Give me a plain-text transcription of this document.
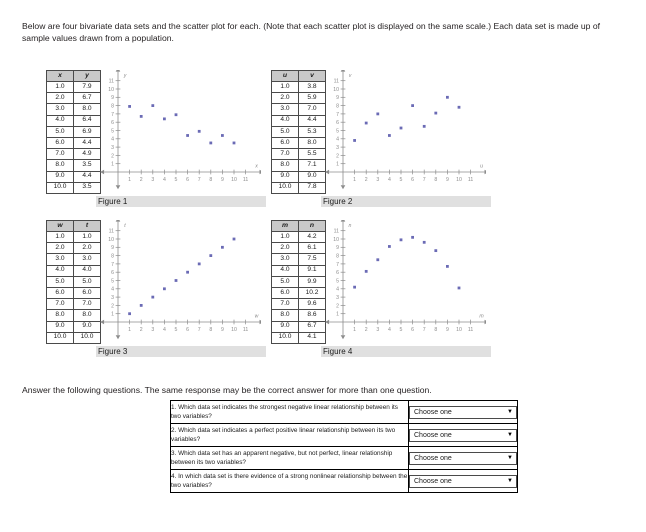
Below are four bivariate data sets and the scatter plot for each. (Note that each scatter plot is displayed on the same scale.) Each data set is made up of sample values drawn from a population.
x	y
1.0	7.9
2.0	6.7
3.0	8.0
4.0	6.4
5.0	6.9
6.0	4.4
7.0	4.9
8.0	3.5
9.0	4.4
10.0	3.5
1 2 3 4 5 6 7 8 9 10 11
1
2
3
4
5
6
7
8
9
10
11
x
y
Figure 1
u	v
1.0	3.8
2.0	5.9
3.0	7.0
4.0	4.4
5.0	5.3
6.0	8.0
7.0	5.5
8.0	7.1
9.0	9.0
10.0	7.8
1 2 3 4 5 6 7 8 9 10 11
1
2
3
4
5
6
7
8
9
10
11
u
v
Figure 2
w	t
1.0	1.0
2.0	2.0
3.0	3.0
4.0	4.0
5.0	5.0
6.0	6.0
7.0	7.0
8.0	8.0
9.0	9.0
10.0	10.0
1 2 3 4 5 6 7 8 9 10 11
1
2
3
4
5
6
7
8
9
10
11
w
t
Figure 3
m	n
1.0	4.2
2.0	6.1
3.0	7.5
4.0	9.1
5.0	9.9
6.0	10.2
7.0	9.6
8.0	8.6
9.0	6.7
10.0	4.1
1 2 3 4 5 6 7 8 9 10 11
1
2
3
4
5
6
7
8
9
10
11
m
n
Figure 4
Answer the following questions. The same response may be the correct answer for more than one question.
1. Which data set indicates the strongest negative linear relationship between its two variables?	Choose one ▼

2. Which data set indicates a perfect positive linear relationship between its two variables?	Choose one ▼

3. Which data set has an apparent negative, but not perfect, linear relationship between its two variables?	Choose one ▼

4. In which data set is there evidence of a strong nonlinear relationship between the two variables?	Choose one ▼
